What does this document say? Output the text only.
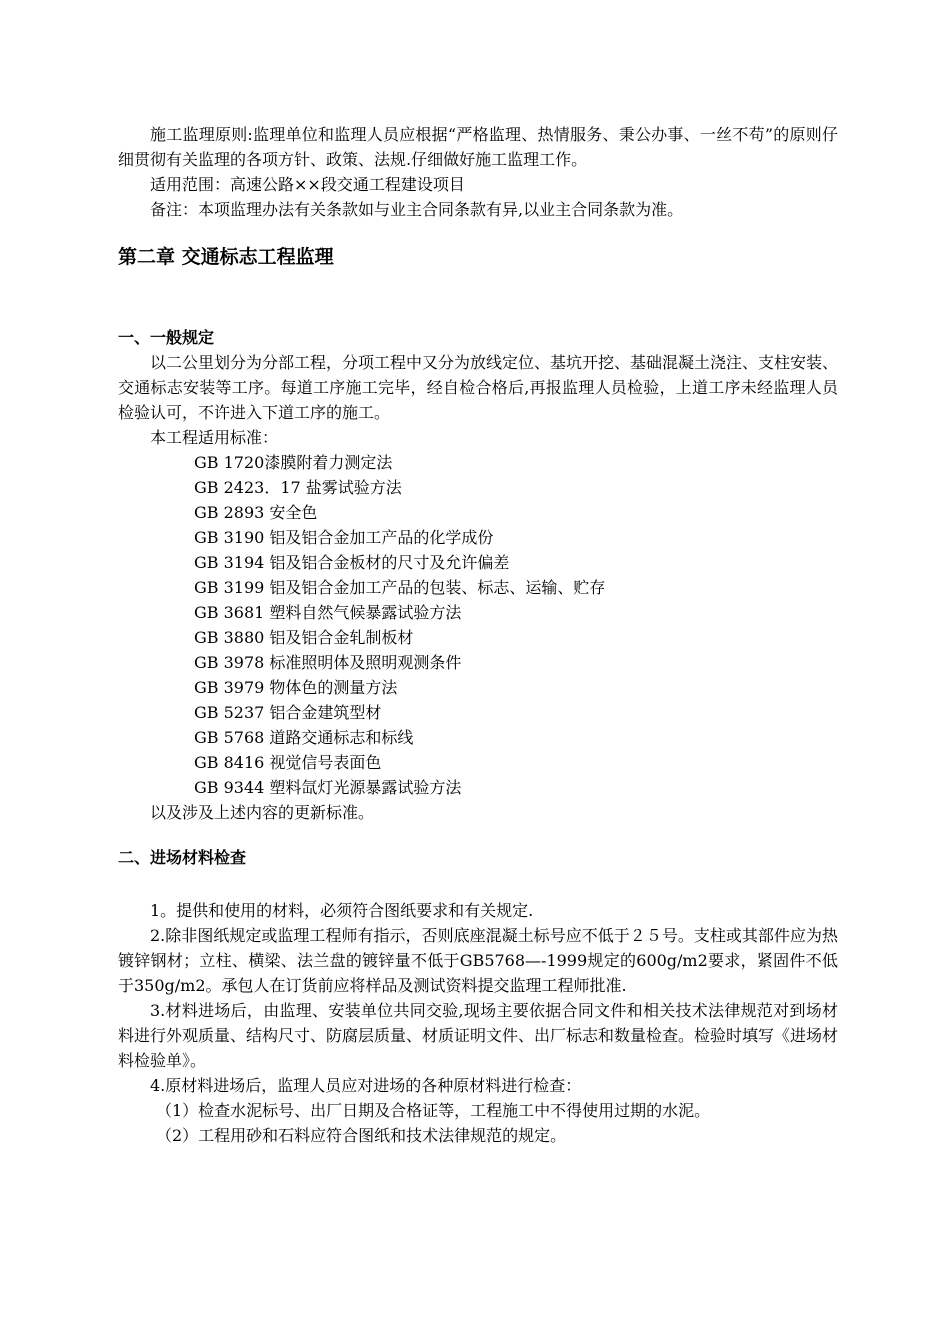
施工监理原则:监理单位和监理人员应根据“严格监理、热情服务、秉公办事、一丝不苟”的原则仔细贯彻有关监理的各项方针、政策、法规.仔细做好施工监理工作。

适用范围：高速公路××段交通工程建设项目

备注：本项监理办法有关条款如与业主合同条款有异,以业主合同条款为准。

第二章 交通标志工程监理
一、一般规定

以二公里划分为分部工程，分项工程中又分为放线定位、基坑开挖、基础混凝土浇注、支柱安装、交通标志安装等工序。每道工序施工完毕，经自检合格后,再报监理人员检验，上道工序未经监理人员检验认可，不许进入下道工序的施工。

本工程适用标准：

GB 1720漆膜附着力测定法

GB 2423．17 盐雾试验方法

GB 2893 安全色

GB 3190 铝及铝合金加工产品的化学成份

GB 3194 铝及铝合金板材的尺寸及允许偏差

GB 3199 铝及铝合金加工产品的包装、标志、运输、贮存

GB 3681 塑料自然气候暴露试验方法

GB 3880 铝及铝合金轧制板材

GB 3978 标准照明体及照明观测条件

GB 3979 物体色的测量方法

GB 5237 铝合金建筑型材

GB 5768 道路交通标志和标线

GB 8416 视觉信号表面色

GB 9344 塑料氙灯光源暴露试验方法

以及涉及上述内容的更新标准。

二、进场材料检查

1。提供和使用的材料，必须符合图纸要求和有关规定.

2.除非图纸规定或监理工程师有指示，否则底座混凝土标号应不低于２５号。支柱或其部件应为热镀锌钢材；立柱、横梁、法兰盘的镀锌量不低于GB5768—-1999规定的600g/m2要求，紧固件不低于350g/m2。承包人在订货前应将样品及测试资料提交监理工程师批准.

3.材料进场后，由监理、安装单位共同交验,现场主要依据合同文件和相关技术法律规范对到场材料进行外观质量、结构尺寸、防腐层质量、材质证明文件、出厂标志和数量检查。检验时填写《进场材料检验单》。

4.原材料进场后，监理人员应对进场的各种原材料进行检查：

（1）检查水泥标号、出厂日期及合格证等，工程施工中不得使用过期的水泥。

（2）工程用砂和石料应符合图纸和技术法律规范的规定。
